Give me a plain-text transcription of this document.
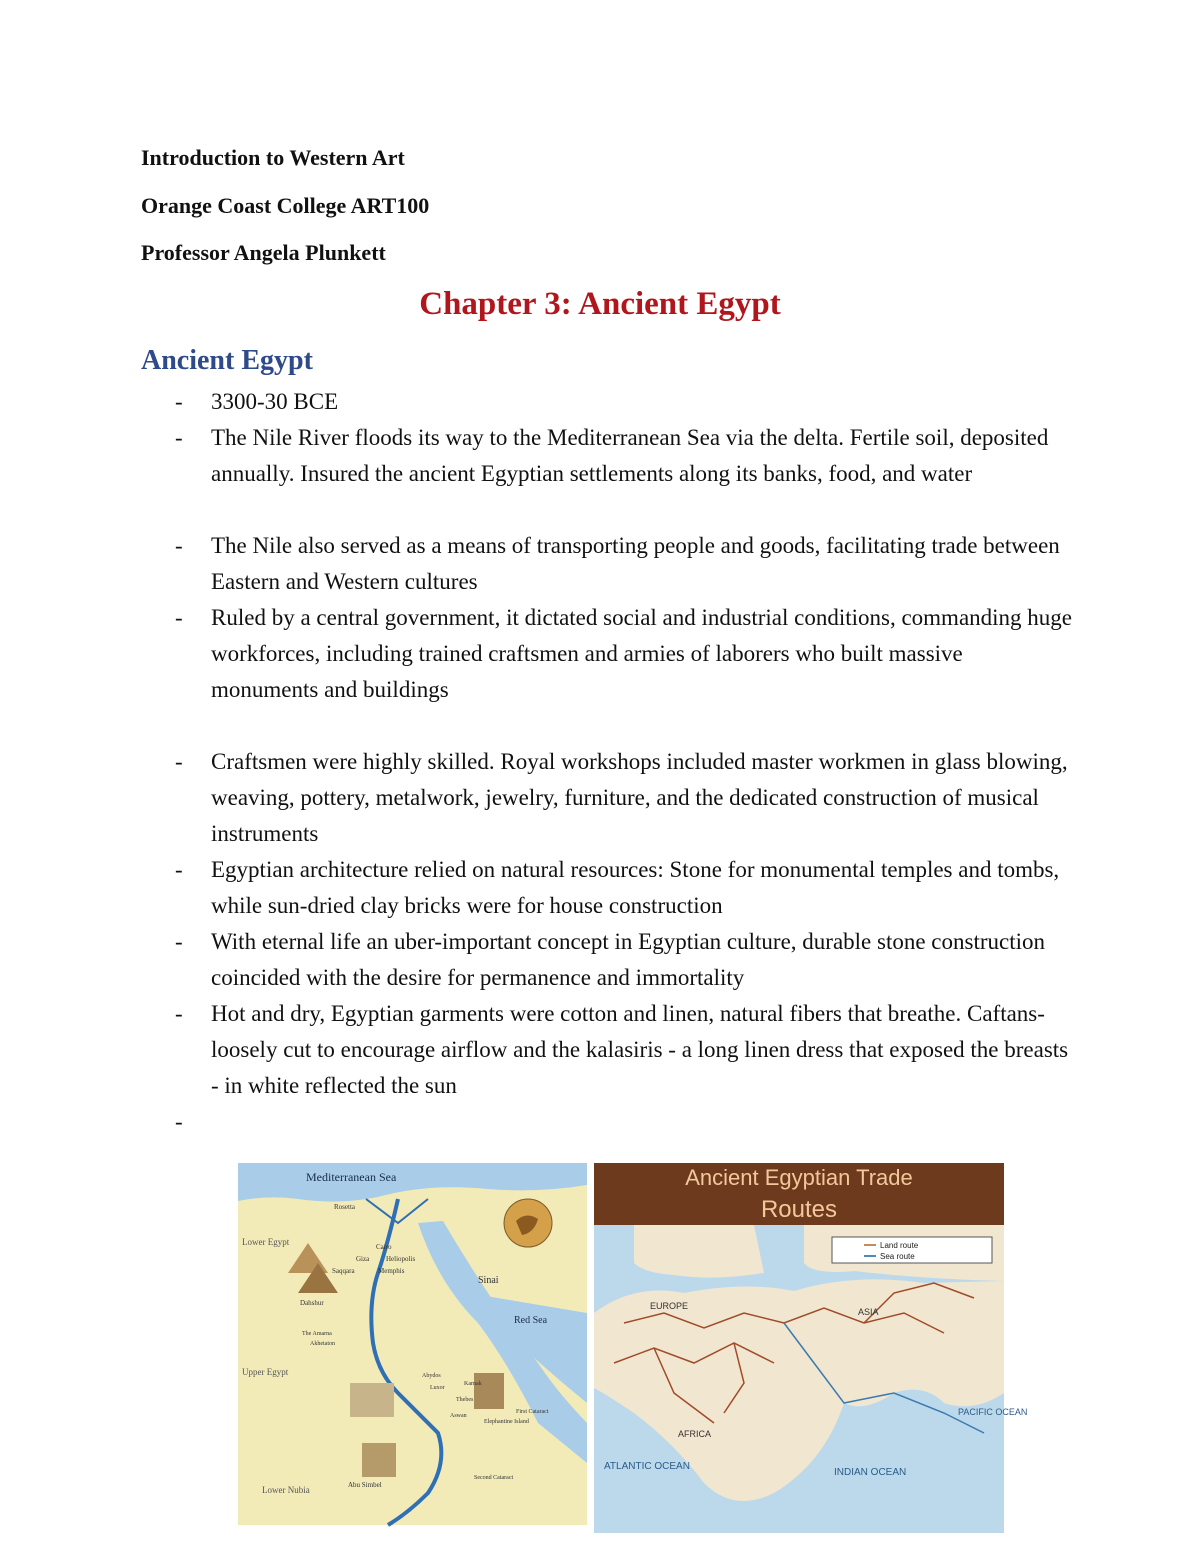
Introduction to Western Art
Orange Coast College ART100
Professor Angela Plunkett
Chapter 3: Ancient Egypt
Ancient Egypt
- 3300-30 BCE
- The Nile River floods its way to the Mediterranean Sea via the delta. Fertile soil, deposited annually. Insured the ancient Egyptian settlements along its banks, food, and water
- The Nile also served as a means of transporting people and goods, facilitating trade between Eastern and Western cultures
- Ruled by a central government, it dictated social and industrial conditions, commanding huge workforces, including trained craftsmen and armies of laborers who built massive monuments and buildings
- Craftsmen were highly skilled. Royal workshops included master workmen in glass blowing, weaving, pottery, metalwork, jewelry, furniture, and the dedicated construction of musical instruments
- Egyptian architecture relied on natural resources: Stone for monumental temples and tombs, while sun-dried clay bricks were for house construction
- With eternal life an uber-important concept in Egyptian culture, durable stone construction coincided with the desire for permanence and immortality
- Hot and dry, Egyptian garments were cotton and linen, natural fibers that breathe. Caftans-loosely cut to encourage airflow and the kalasiris - a long linen dress that exposed the breasts - in white reflected the sun
Mediterranean Sea
Rosetta
Lower Egypt	Cairo
Giza
Memphis
Saqqara
Heliopolis
Dahshur
Sinai
Red Sea
Upper Egypt	Abydos
Luxor
Karnak
Thebes
Aswan
Elephantine Island
First Cataract
Abu Simbel
Lower Nubia
Second Cataract
The Amarna
Akhetaton
Ancient Egyptian Trade
Routes
Land route
Sea route
EUROPE
ASIA
AFRICA
PACIFIC OCEAN
INDIAN OCEAN
ATLANTIC OCEAN
